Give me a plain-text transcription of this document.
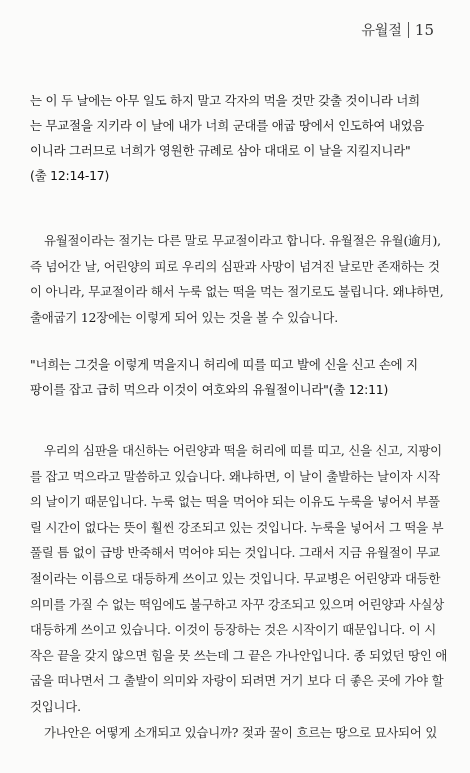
유월절 15
는 이 두 날에는 아무 일도 하지 말고 각자의 먹을 것만 갖출 것이니라 너희
는 무교절을 지키라 이 날에 내가 너희 군대를 애굽 땅에서 인도하여 내었음
이니라 그러므로 너희가 영원한 규례로 삼아 대대로 이 날을 지킬지니라"
(출 12:14-17)
유월절이라는 절기는 다른 말로 무교절이라고 합니다. 유월절은 유월(逾月),
즉 넘어간 날, 어린양의 피로 우리의 심판과 사망이 넘겨진 날로만 존재하는 것
이 아니라, 무교절이라 해서 누룩 없는 떡을 먹는 절기로도 불립니다. 왜냐하면,
출애굽기 12장에는 이렇게 되어 있는 것을 볼 수 있습니다.
"너희는 그것을 이렇게 먹을지니 허리에 띠를 띠고 발에 신을 신고 손에 지
팡이를 잡고 급히 먹으라 이것이 여호와의 유월절이니라"(출 12:11)
우리의 심판을 대신하는 어린양과 떡을 허리에 띠를 띠고, 신을 신고, 지팡이
를 잡고 먹으라고 말씀하고 있습니다. 왜냐하면, 이 날이 출발하는 날이자 시작
의 날이기 때문입니다. 누룩 없는 떡을 먹어야 되는 이유도 누룩을 넣어서 부풀
릴 시간이 없다는 뜻이 훨씬 강조되고 있는 것입니다. 누룩을 넣어서 그 떡을 부
풀릴 틈 없이 급방 반죽해서 먹어야 되는 것입니다. 그래서 지금 유월절이 무교
절이라는 이름으로 대등하게 쓰이고 있는 것입니다. 무교병은 어린양과 대등한
의미를 가질 수 없는 떡임에도 불구하고 자꾸 강조되고 있으며 어린양과 사실상
대등하게 쓰이고 있습니다. 이것이 등장하는 것은 시작이기 때문입니다. 이 시
작은 끝을 갖지 않으면 힘을 못 쓰는데 그 끝은 가나안입니다. 종 되었던 땅인 애
굽을 떠나면서 그 출발이 의미와 자랑이 되려면 거기 보다 더 좋은 곳에 가야 할
것입니다.
가나안은 어떻게 소개되고 있습니까? 젖과 꿀이 흐르는 땅으로 묘사되어 있
